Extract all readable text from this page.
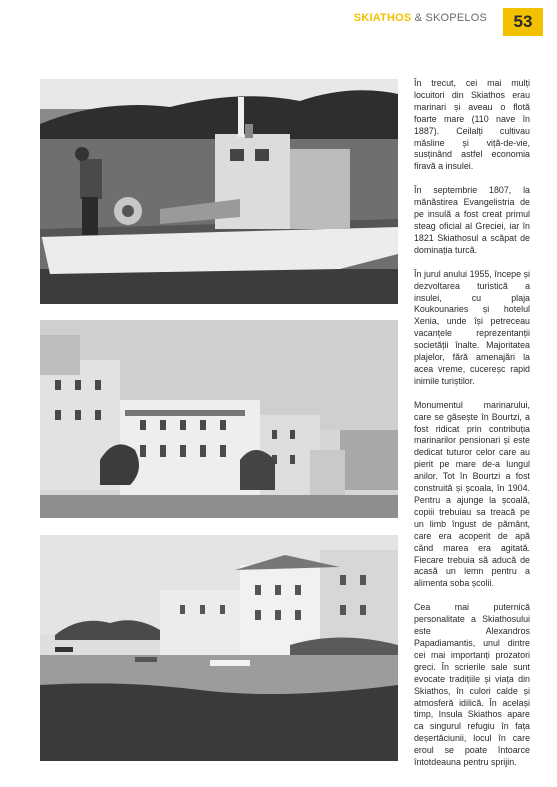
SKIATHOS & SKOPELOS 53

În trecut, cei mai mulți locuitori din Skiathos erau marinari și aveau o flotă foarte mare (110 nave în 1887). Ceilalți cultivau măsline și viță-de-vie, susținând astfel economia firavă a insulei.

În septembrie 1807, la mănăstirea Evangelistria de pe insulă a fost creat primul steag oficial al Greciei, iar în 1821 Skiathosul a scăpat de dominația turcă.

În jurul anului 1955, începe și dezvoltarea turistică a insulei, cu plaja Koukounaries și hotelul Xenia, unde își petreceau vacanțele reprezentanții societății înalte. Majoritatea plajelor, fără amenajări la acea vreme, cucereșc rapid inimile turiștilor.

Monumentul marinarului, care se găsește în Bourtzi, a fost ridicat prin contribuția marinarilor pensionari și este dedicat tuturor celor care au pierit pe mare de-a lungul anilor. Tot în Bourtzi a fost construită și școala, în 1904. Pentru a ajunge la școală, copiii trebuiau sa treacă pe un limb îngust de pământ, care era acoperit de apă când marea era agitată. Fiecare trebuia să aducă de acasă un lemn pentru a alimenta soba școlii.

Cea mai puternică personalitate a Skiathosului este Alexandros Papadiamantis, unul dintre cei mai importanți prozatori greci. În scrierile sale sunt evocate tradițiile și viața din Skiathos, în culori calde și atmosferă idilică. În același timp, Insula Skiathos apare ca singurul refugiu în fața deșertăciunii, locul în care eroul se poate întoarce întotdeauna pentru sprijin.
